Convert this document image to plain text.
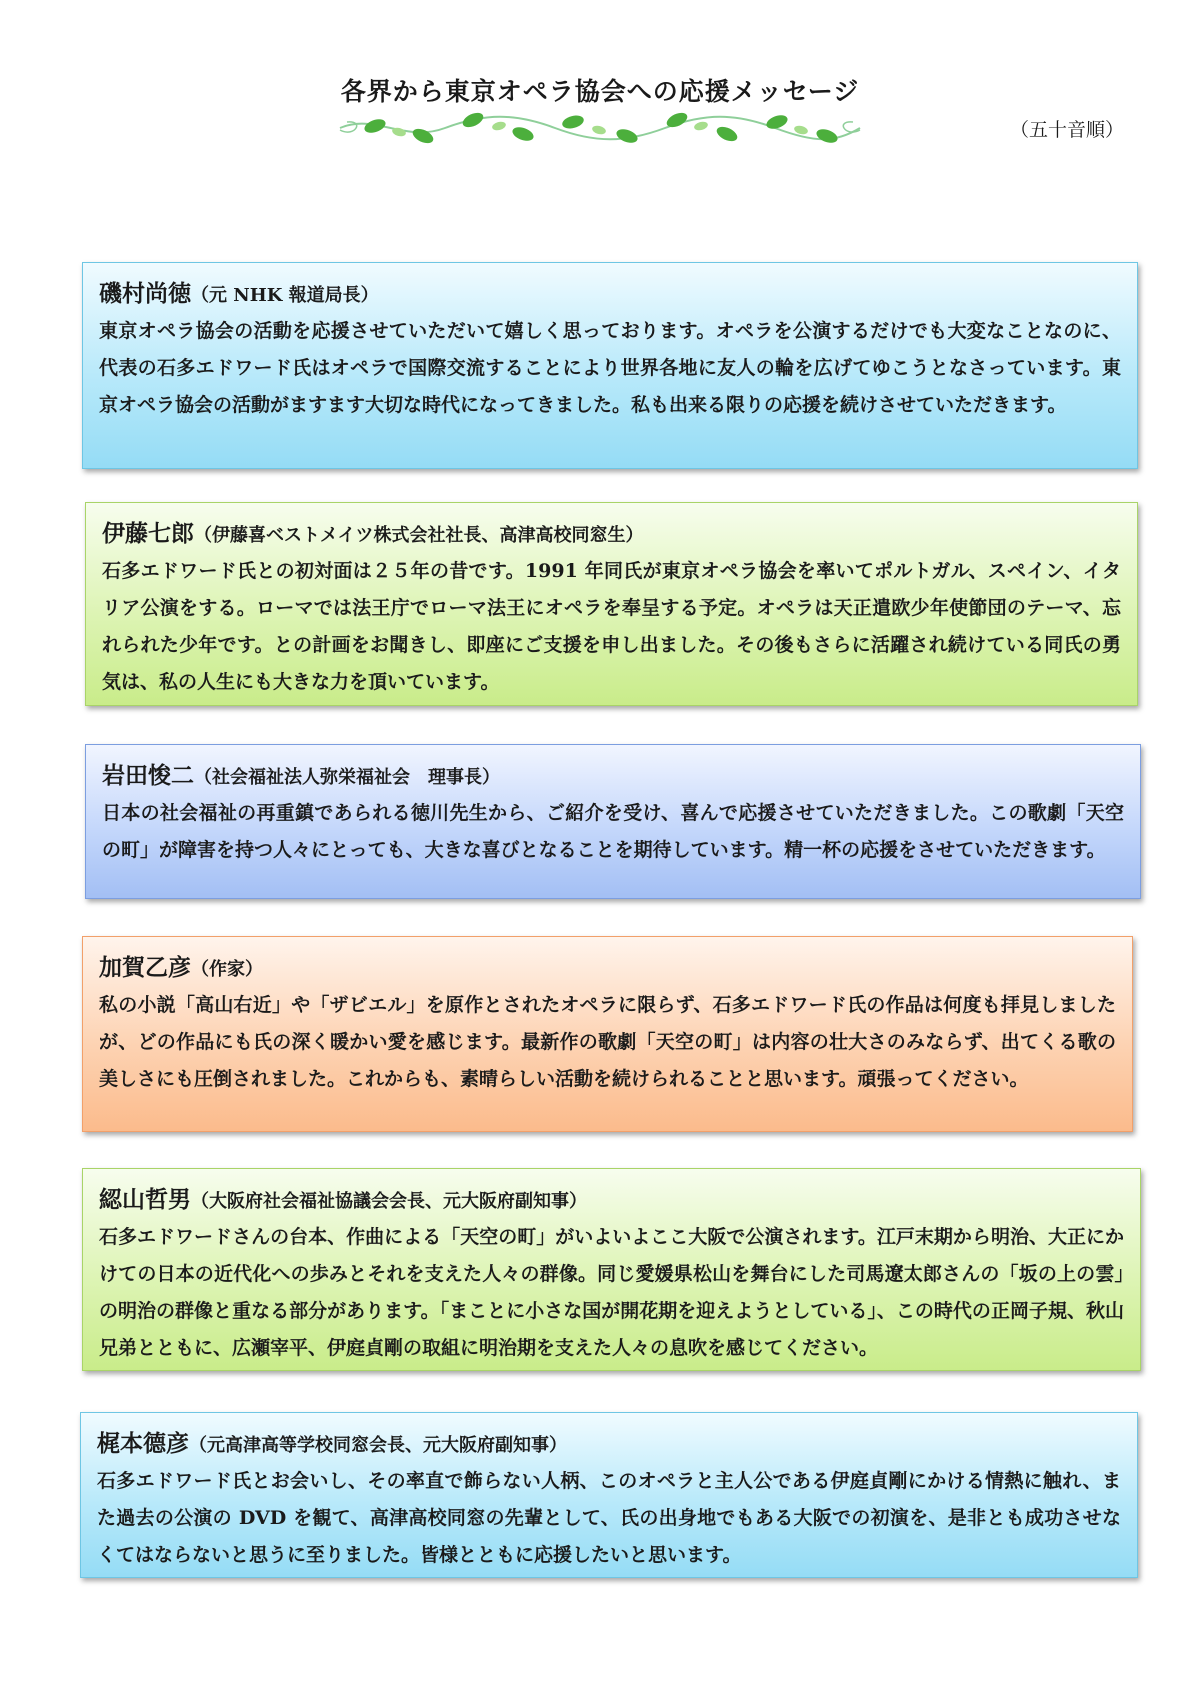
各界から東京オペラ協会への応援メッセージ
（五十音順）
磯村尚徳（元 NHK 報道局長）
東京オペラ協会の活動を応援させていただいて嬉しく思っております。オペラを公演するだけでも大変なことなのに、代表の石多エドワード氏はオペラで国際交流することにより世界各地に友人の輪を広げてゆこうとなさっています。東京オペラ協会の活動がますます大切な時代になってきました。私も出来る限りの応援を続けさせていただきます。
伊藤七郎（伊藤喜ベストメイツ株式会社社長、高津高校同窓生）
石多エドワード氏との初対面は２５年の昔です。1991 年同氏が東京オペラ協会を率いてポルトガル、スペイン、イタリア公演をする。ローマでは法王庁でローマ法王にオペラを奉呈する予定。オペラは天正遣欧少年使節団のテーマ、忘れられた少年です。との計画をお聞きし、即座にご支援を申し出ました。その後もさらに活躍され続けている同氏の勇気は、私の人生にも大きな力を頂いています。
岩田悛二（社会福祉法人弥栄福祉会　理事長）
日本の社会福祉の再重鎮であられる徳川先生から、ご紹介を受け、喜んで応援させていただきました。この歌劇「天空の町」が障害を持つ人々にとっても、大きな喜びとなることを期待しています。精一杯の応援をさせていただきます。
加賀乙彦（作家）
私の小説「高山右近」や「ザビエル」を原作とされたオペラに限らず、石多エドワード氏の作品は何度も拝見しましたが、どの作品にも氏の深く暖かい愛を感じます。最新作の歌劇「天空の町」は内容の壮大さのみならず、出てくる歌の美しさにも圧倒されました。これからも、素晴らしい活動を続けられることと思います。頑張ってください。
綛山哲男（大阪府社会福祉協議会会長、元大阪府副知事）
石多エドワードさんの台本、作曲による「天空の町」がいよいよここ大阪で公演されます。江戸末期から明治、大正にかけての日本の近代化への歩みとそれを支えた人々の群像。同じ愛媛県松山を舞台にした司馬遼太郎さんの「坂の上の雲」の明治の群像と重なる部分があります。「まことに小さな国が開花期を迎えようとしている」、この時代の正岡子規、秋山兄弟とともに、広瀬宰平、伊庭貞剛の取組に明治期を支えた人々の息吹を感じてください。
梶本德彦（元高津高等学校同窓会長、元大阪府副知事）
石多エドワード氏とお会いし、その率直で飾らない人柄、このオペラと主人公である伊庭貞剛にかける情熱に触れ、また過去の公演の DVD を観て、高津高校同窓の先輩として、氏の出身地でもある大阪での初演を、是非とも成功させなくてはならないと思うに至りました。皆様とともに応援したいと思います。
